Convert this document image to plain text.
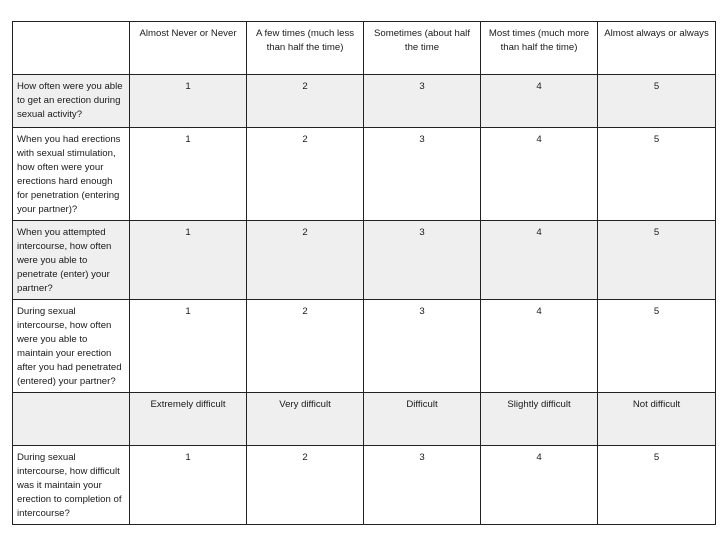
	Almost Never or Never	A few times (much less than half the time)	Sometimes (about half the time	Most times (much more than half the time)	Almost always or always

How often were you able to get an erection during sexual activity?	1	2	3	4	5

When you had erections with sexual stimulation, how often were your erections hard enough for penetration (entering your partner)?	1	2	3	4	5

When you attempted intercourse, how often were you able to penetrate (enter) your partner?	1	2	3	4	5

During sexual intercourse, how often were you able to maintain your erection after you had penetrated (entered) your partner?	1	2	3	4	5

	Extremely difficult	Very difficult	Difficult	Slightly difficult	Not difficult

During sexual intercourse, how difficult was it maintain your erection to completion of intercourse?	1	2	3	4	5
